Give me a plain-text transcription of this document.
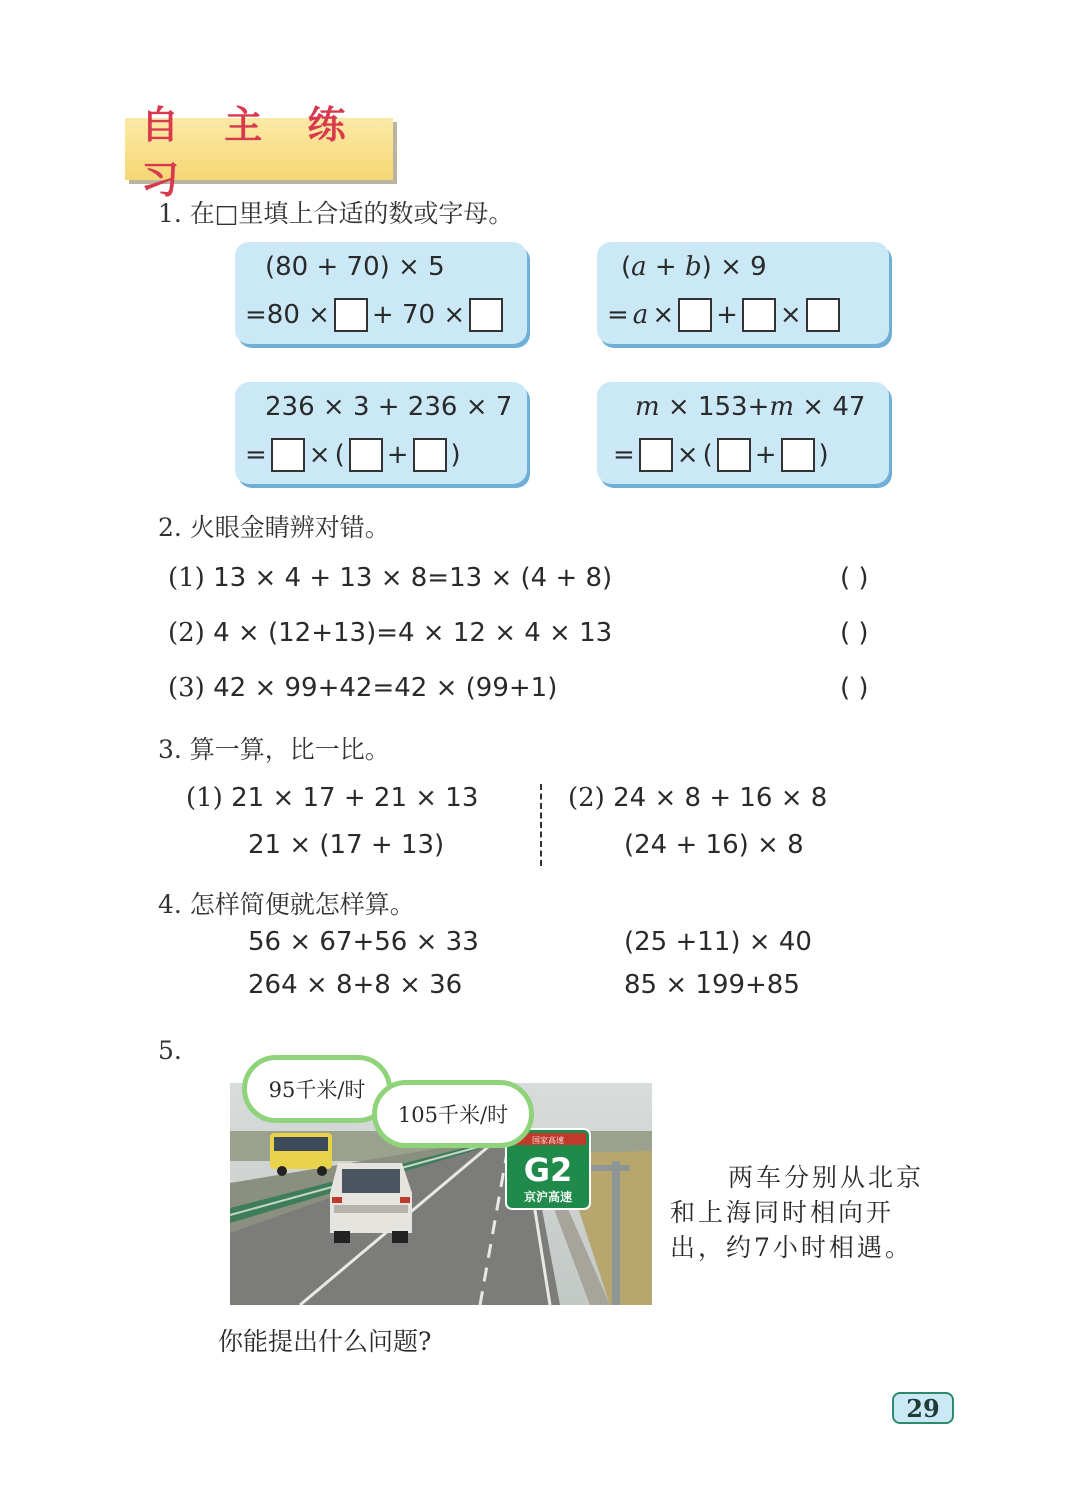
自 主 练 习
1. 在□里填上合适的数或字母。
(80 + 70) × 5
=80 × + 70 ×
(a + b) × 9
= a × + ×
236 × 3 + 236 × 7
= × ( + )
m × 153+m × 47
= × ( + )
2. 火眼金睛辨对错。
(1) 13 × 4 + 13 × 8=13 × (4 + 8)	( )
(2) 4 × (12+13)=4 × 12 × 4 × 13	( )
(3) 42 × 99+42=42 × (99+1)	( )
3. 算一算，比一比。
(1) 21 × 17 + 21 × 13
21 × (17 + 13)
(2) 24 × 8 + 16 × 8
(24 + 16) × 8
4. 怎样简便就怎样算。
56 × 67+56 × 33	(25 +11) × 40
264 × 8+8 × 36	85 × 199+85
5.
国家高速
G2
京沪高速
95千米/时
105千米/时
两车分别从北京
和上海同时相向开
出，约7小时相遇。
你能提出什么问题?
29
